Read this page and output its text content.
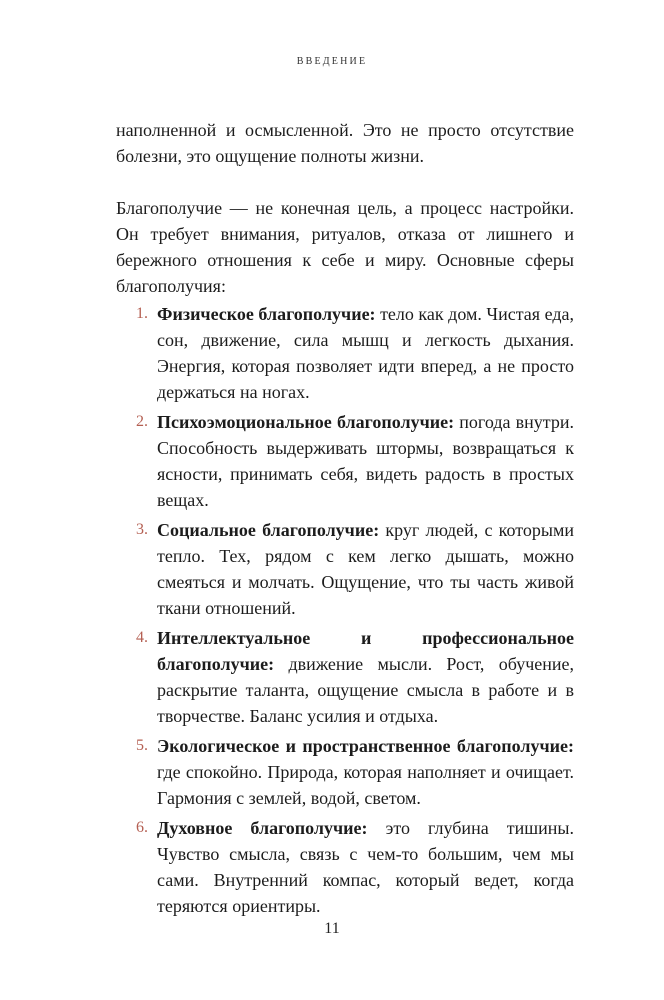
ВВЕДЕНИЕ

наполненной и осмысленной. Это не просто отсутствие болезни, это ощущение полноты жизни.

Благополучие — не конечная цель, а процесс настройки. Он требует внимания, ритуалов, отказа от лишнего и бережного отношения к себе и миру. Основные сферы благополучия:

1. Физическое благополучие: тело как дом. Чистая еда, сон, движение, сила мышц и легкость дыхания. Энергия, которая позволяет идти вперед, а не просто держаться на ногах.
2. Психоэмоциональное благополучие: погода внутри. Способность выдерживать штормы, возвращаться к ясности, принимать себя, видеть радость в простых вещах.
3. Социальное благополучие: круг людей, с которыми тепло. Тех, рядом с кем легко дышать, можно смеяться и молчать. Ощущение, что ты часть живой ткани отношений.
4. Интеллектуальное и профессиональное благополучие: движение мысли. Рост, обучение, раскрытие таланта, ощущение смысла в работе и в творчестве. Баланс усилия и отдыха.
5. Экологическое и пространственное благополучие: где спокойно. Природа, которая наполняет и очищает. Гармония с землей, водой, светом.
6. Духовное благополучие: это глубина тишины. Чувство смысла, связь с чем-то большим, чем мы сами. Внутренний компас, который ведет, когда теряются ориентиры.
11
